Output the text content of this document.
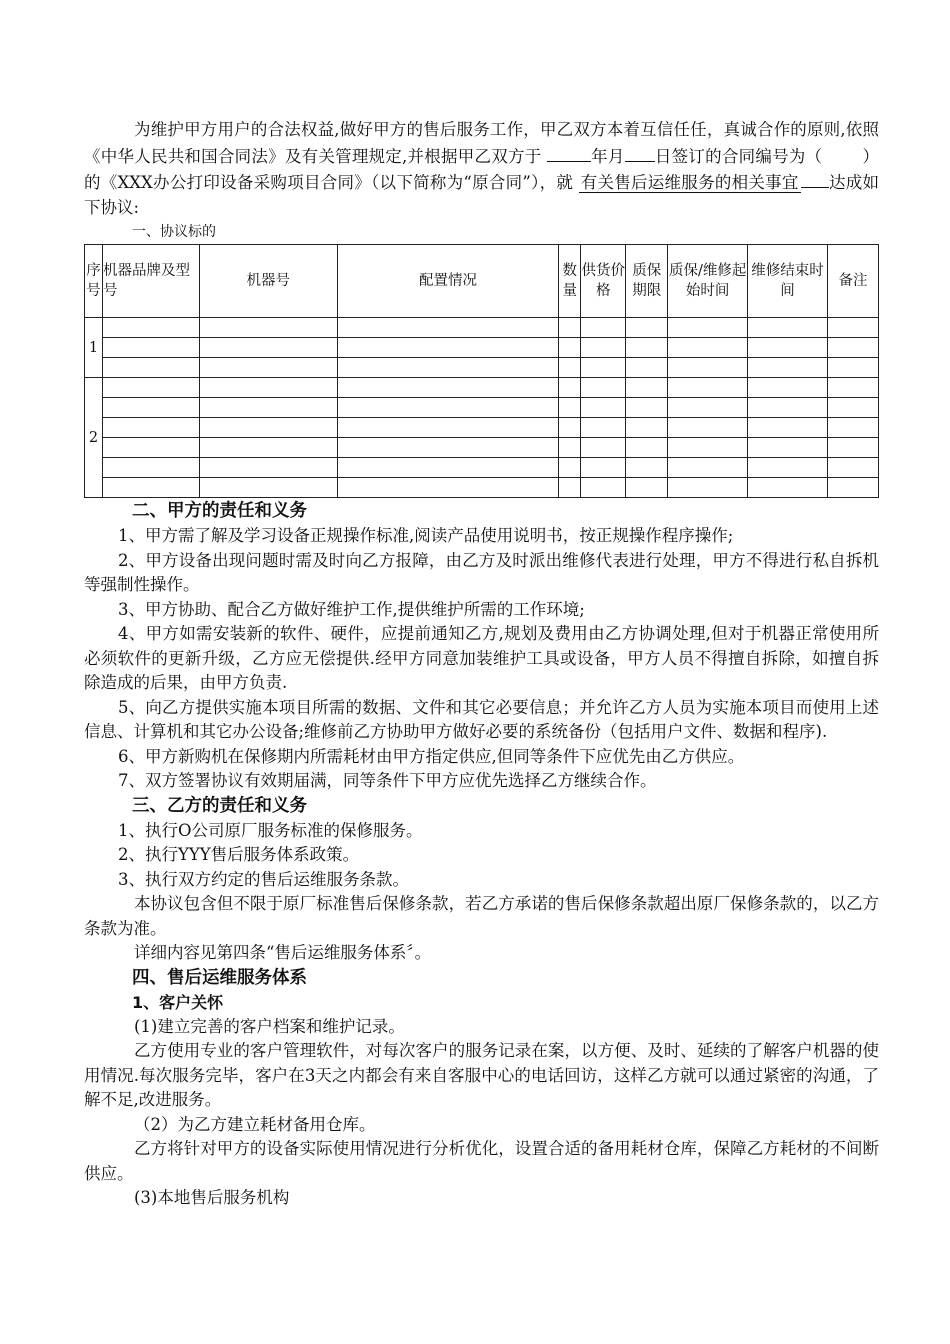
为维护甲方用户的合法权益,做好甲方的售后服务工作，甲乙双方本着互信任任，真诚合作的原则,依照《中华人民共和国合同法》及有关管理规定,并根据甲乙双方于	年月 日签订的合同编号为（ ）的《XXX办公打印设备采购项目合同》（以下简称为“原合同”），就 有关售后运维服务的相关事宜 达成如下协议:

一、协议标的

序号	机器品牌及型号	机器号	配置情况	数量	供货价格	质保期限	质保/维修起始时间	维修结束时间	备注
1									

2									

二、甲方的责任和义务

1、甲方需了解及学习设备正规操作标准,阅读产品使用说明书，按正规操作程序操作;

2、甲方设备出现问题时需及时向乙方报障，由乙方及时派出维修代表进行处理，甲方不得进行私自拆机等强制性操作。

3、甲方协助、配合乙方做好维护工作,提供维护所需的工作环境;

4、甲方如需安装新的软件、硬件，应提前通知乙方,规划及费用由乙方协调处理,但对于机器正常使用所必须软件的更新升级，乙方应无偿提供.经甲方同意加装维护工具或设备，甲方人员不得擅自拆除，如擅自拆除造成的后果，由甲方负责.

5、向乙方提供实施本项目所需的数据、文件和其它必要信息；并允许乙方人员为实施本项目而使用上述信息、计算机和其它办公设备;维修前乙方协助甲方做好必要的系统备份（包括用户文件、数据和程序).

6、甲方新购机在保修期内所需耗材由甲方指定供应,但同等条件下应优先由乙方供应。

7、双方签署协议有效期届满，同等条件下甲方应优先选择乙方继续合作。

三、乙方的责任和义务

1、执行O公司原厂服务标准的保修服务。

2、执行YYY售后服务体系政策。

3、执行双方约定的售后运维服务条款。

本协议包含但不限于原厂标准售后保修条款，若乙方承诺的售后保修条款超出原厂保修条款的，以乙方条款为准。

详细内容见第四条“售后运维服务体系〞。

四、售后运维服务体系

1、客户关怀

(1)建立完善的客户档案和维护记录。

乙方使用专业的客户管理软件，对每次客户的服务记录在案，以方便、及时、延续的了解客户机器的使用情况.每次服务完毕，客户在3天之内都会有来自客服中心的电话回访，这样乙方就可以通过紧密的沟通，了解不足,改进服务。

（2）为乙方建立耗材备用仓库。

乙方将针对甲方的设备实际使用情况进行分析优化，设置合适的备用耗材仓库，保障乙方耗材的不间断供应。

(3)本地售后服务机构
